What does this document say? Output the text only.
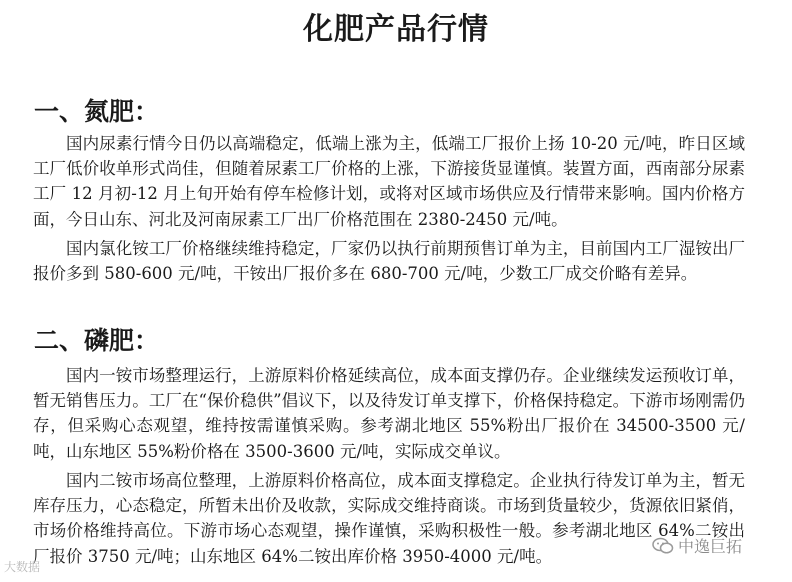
化肥产品行情
一、氮肥：
国内尿素行情今日仍以高端稳定，低端上涨为主，低端工厂报价上扬 10-20 元/吨，昨日区域工厂低价收单形式尚佳，但随着尿素工厂价格的上涨，下游接货显谨慎。装置方面，西南部分尿素工厂 12 月初-12 月上旬开始有停车检修计划，或将对区域市场供应及行情带来影响。国内价格方面，今日山东、河北及河南尿素工厂出厂价格范围在 2380-2450 元/吨。
国内氯化铵工厂价格继续维持稳定，厂家仍以执行前期预售订单为主，目前国内工厂湿铵出厂报价多到 580-600 元/吨，干铵出厂报价多在 680-700 元/吨，少数工厂成交价略有差异。
二、磷肥：
国内一铵市场整理运行，上游原料价格延续高位，成本面支撑仍存。企业继续发运预收订单，暂无销售压力。工厂在“保价稳供”倡议下，以及待发订单支撑下，价格保持稳定。下游市场刚需仍存，但采购心态观望，维持按需谨慎采购。参考湖北地区 55%粉出厂报价在 34500-3500 元/吨，山东地区 55%粉价格在 3500-3600 元/吨，实际成交单议。
国内二铵市场高位整理，上游原料价格高位，成本面支撑稳定。企业执行待发订单为主，暂无库存压力，心态稳定，所暂未出价及收款，实际成交维持商谈。市场到货量较少，货源依旧紧俏，市场价格维持高位。下游市场心态观望，操作谨慎，采购积极性一般。参考湖北地区 64%二铵出厂报价 3750 元/吨；山东地区 64%二铵出库价格 3950-4000 元/吨。
大数据
中逸巨拓
